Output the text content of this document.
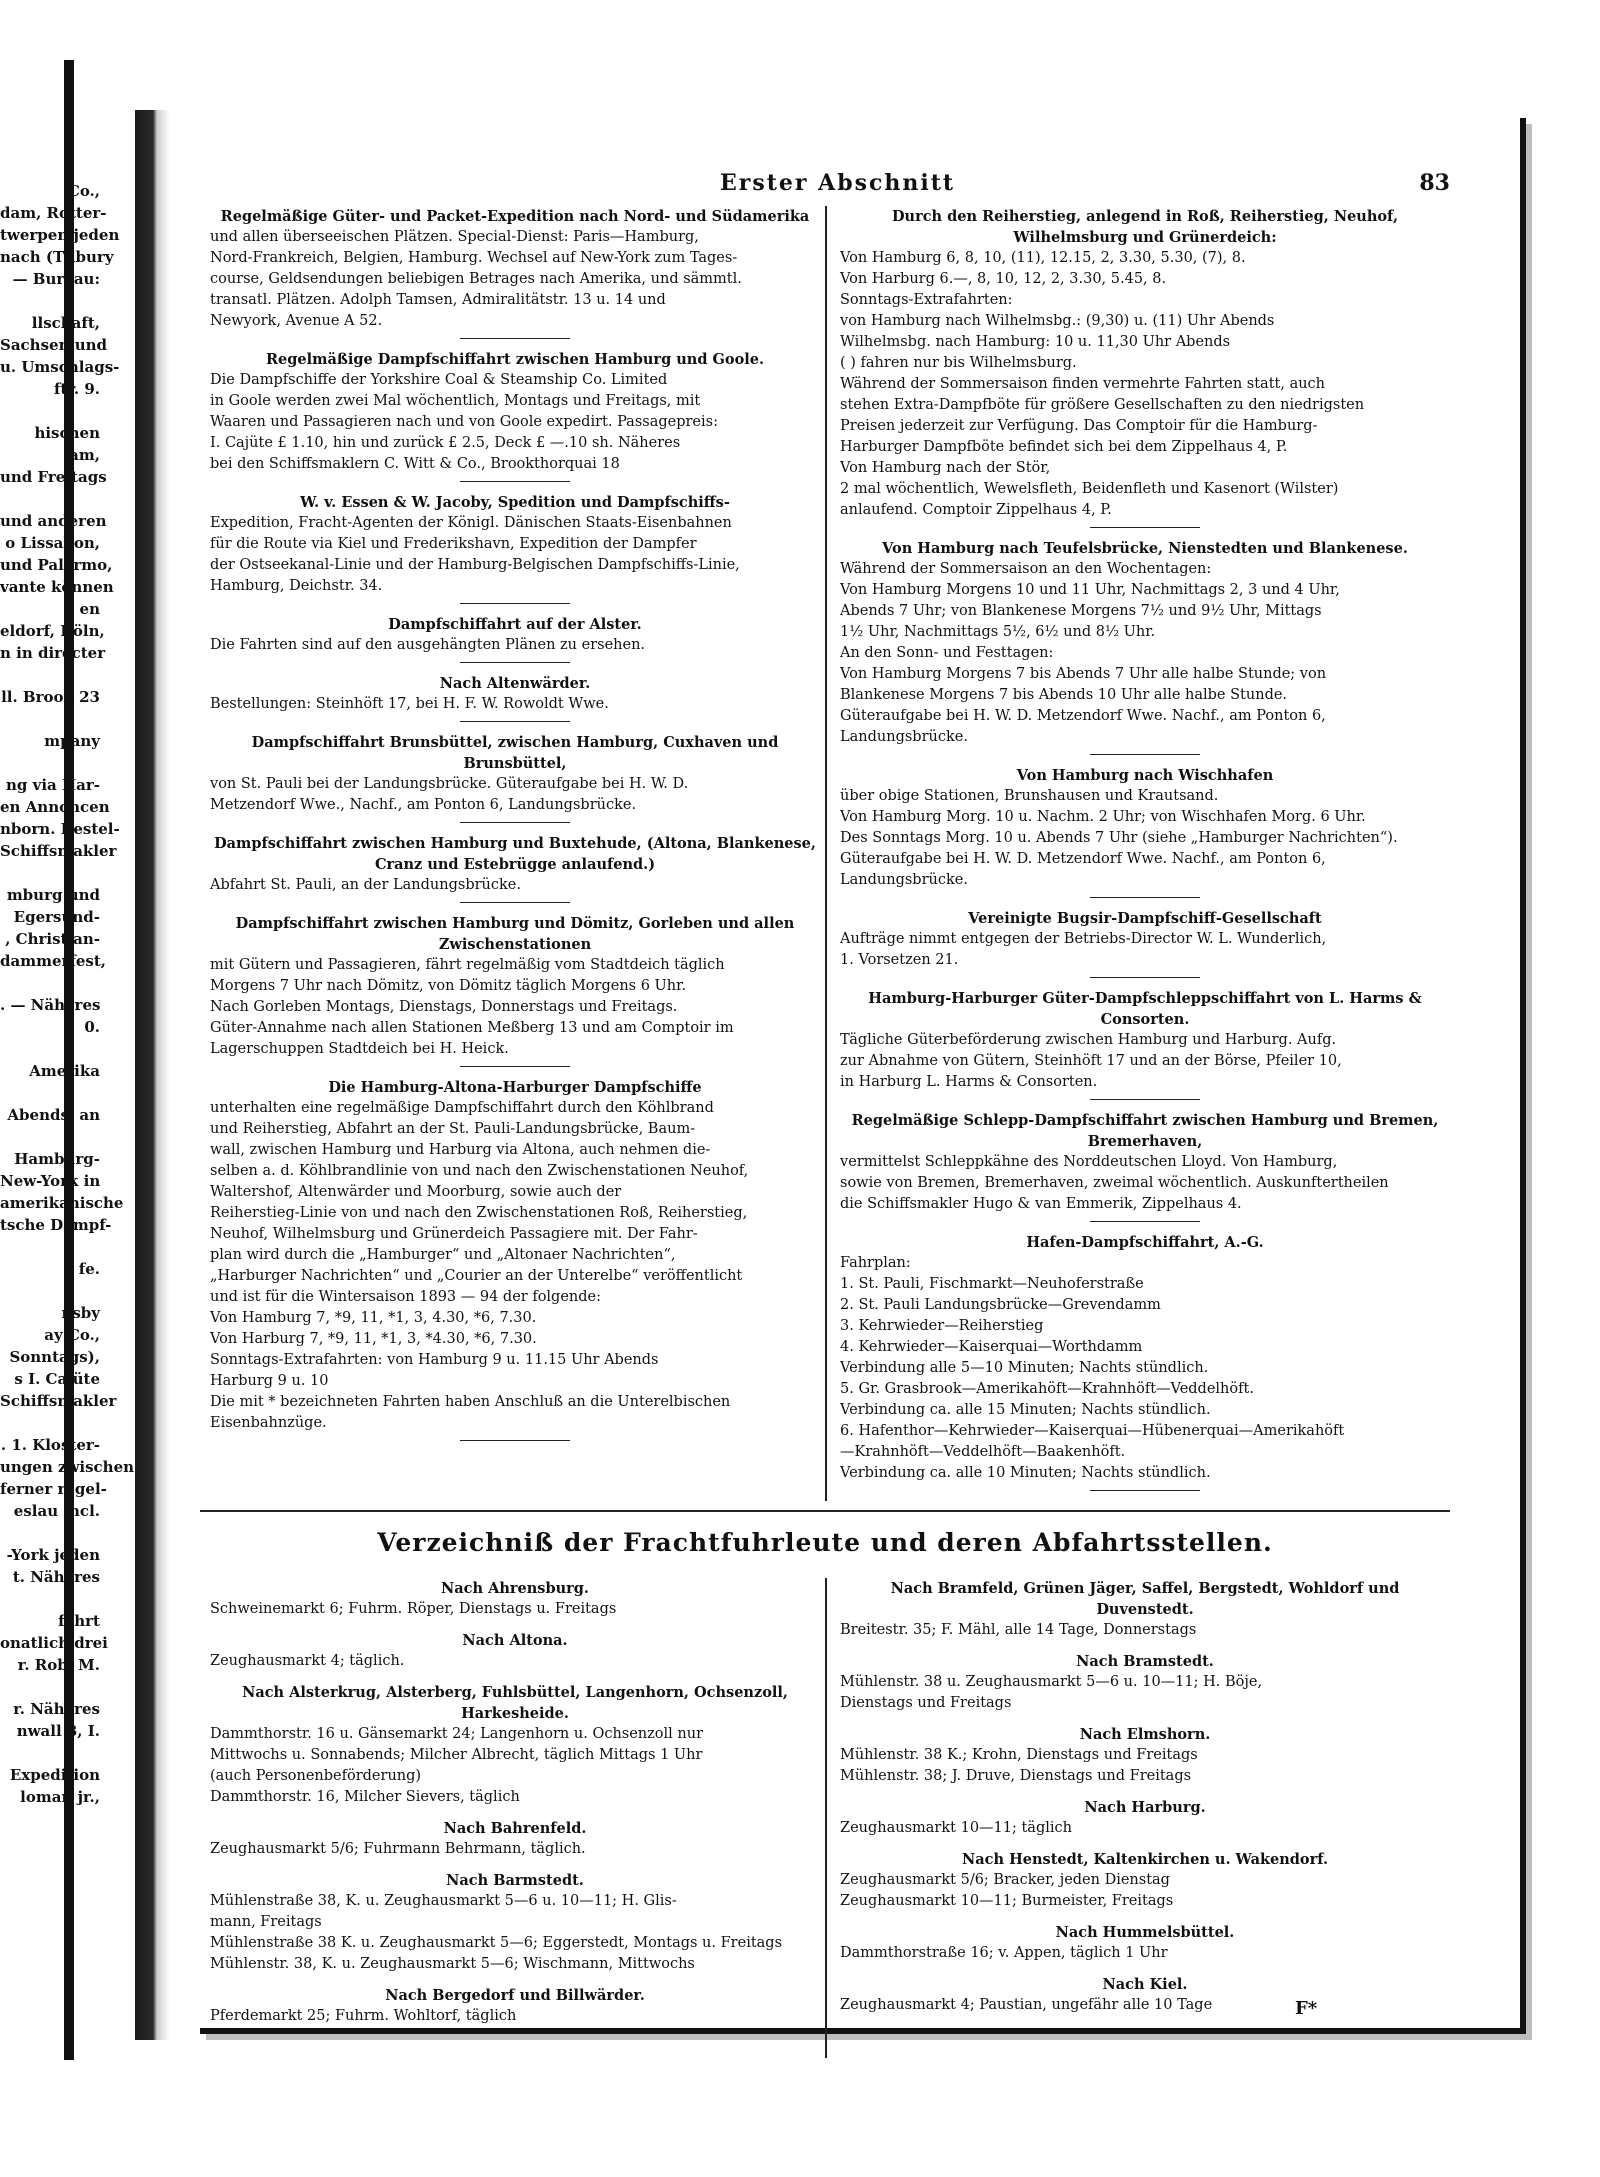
Co.,
dam, Rotter-
twerpen jeden
nach (Tilbury
— Bureau:

llschaft,
Sachsen und
u. Umschlags-
ftr. 9.

hischen
am,
und Freitags

und anderen
o Lissabon,
und Palermo,
vante können
en
eldorf, Köln,
n in directer

ll. Brook 23

mpany

ng via Har-
en Annoncen
nborn. Bestel-
Schiffsmakler

mburg und
Egersund-
, Christian-
dammerfest,

. — Näheres
0.

Amerika

Abends, an

Hamburg-
New-York in
amerikanische
tsche Dampf-

fe.

nsby
ay Co.,
Sonntags),
s I. Cajüte
Schiffsmakler

. 1. Kloster-
ungen zwischen
ferner regel-
eslau incl.

-York jeden
t. Näheres

fahrt
onatlich drei
r. Rob. M.

r. Näheres
nwall 3, I.

Expedition
loman jr.,
Erster Abschnitt	83
Regelmäßige Güter- und Packet-Expedition nach Nord- und Südamerika
und allen überseeischen Plätzen. Special-Dienst: Paris—Hamburg,
Nord-Frankreich, Belgien, Hamburg. Wechsel auf New-York zum Tages-
course, Geldsendungen beliebigen Betrages nach Amerika, und sämmtl.
transatl. Plätzen. Adolph Tamsen, Admiralitätstr. 13 u. 14 und
Newyork, Avenue A 52.
Regelmäßige Dampfschiffahrt zwischen Hamburg und Goole.
Die Dampfschiffe der Yorkshire Coal & Steamship Co. Limited
in Goole werden zwei Mal wöchentlich, Montags und Freitags, mit
Waaren und Passagieren nach und von Goole expedirt. Passagepreis:
I. Cajüte £ 1.10, hin und zurück £ 2.5, Deck £ —.10 sh. Näheres
bei den Schiffsmaklern C. Witt & Co., Brookthorquai 18
W. v. Essen & W. Jacoby, Spedition und Dampfschiffs-
Expedition, Fracht-Agenten der Königl. Dänischen Staats-Eisenbahnen
für die Route via Kiel und Frederikshavn, Expedition der Dampfer
der Ostseekanal-Linie und der Hamburg-Belgischen Dampfschiffs-Linie,
Hamburg, Deichstr. 34.
Dampfschiffahrt auf der Alster.
Die Fahrten sind auf den ausgehängten Plänen zu ersehen.
Nach Altenwärder.
Bestellungen: Steinhöft 17, bei H. F. W. Rowoldt Wwe.
Dampfschiffahrt Brunsbüttel, zwischen Hamburg, Cuxhaven und Brunsbüttel,
von St. Pauli bei der Landungsbrücke. Güteraufgabe bei H. W. D.
Metzendorf Wwe., Nachf., am Ponton 6, Landungsbrücke.
Dampfschiffahrt zwischen Hamburg und Buxtehude, (Altona, Blankenese, Cranz und Estebrügge anlaufend.)
Abfahrt St. Pauli, an der Landungsbrücke.
Dampfschiffahrt zwischen Hamburg und Dömitz, Gorleben und allen Zwischenstationen
mit Gütern und Passagieren, fährt regelmäßig vom Stadtdeich täglich
Morgens 7 Uhr nach Dömitz, von Dömitz täglich Morgens 6 Uhr.
Nach Gorleben Montags, Dienstags, Donnerstags und Freitags.
Güter-Annahme nach allen Stationen Meßberg 13 und am Comptoir im
Lagerschuppen Stadtdeich bei H. Heick.
Die Hamburg-Altona-Harburger Dampfschiffe
unterhalten eine regelmäßige Dampfschiffahrt durch den Köhlbrand
und Reiherstieg, Abfahrt an der St. Pauli-Landungsbrücke, Baum-
wall, zwischen Hamburg und Harburg via Altona, auch nehmen die-
selben a. d. Köhlbrandlinie von und nach den Zwischenstationen Neuhof,
Waltershof, Altenwärder und Moorburg, sowie auch der
Reiherstieg-Linie von und nach den Zwischenstationen Roß, Reiherstieg,
Neuhof, Wilhelmsburg und Grünerdeich Passagiere mit. Der Fahr-
plan wird durch die „Hamburger“ und „Altonaer Nachrichten“,
„Harburger Nachrichten“ und „Courier an der Unterelbe“ veröffentlicht
und ist für die Wintersaison 1893 — 94 der folgende:
Von Hamburg 7, *9, 11, *1, 3, 4.30, *6, 7.30.
Von Harburg 7, *9, 11, *1, 3, *4.30, *6, 7.30.
Sonntags-Extrafahrten: von Hamburg 9 u. 11.15 Uhr Abends
Harburg 9 u. 10
Die mit * bezeichneten Fahrten haben Anschluß an die Unterelbischen
Eisenbahnzüge.
Durch den Reiherstieg, anlegend in Roß, Reiherstieg, Neuhof, Wilhelmsburg und Grünerdeich:
Von Hamburg 6, 8, 10, (11), 12.15, 2, 3.30, 5.30, (7), 8.
Von Harburg 6.—, 8, 10, 12, 2, 3.30, 5.45, 8.
Sonntags-Extrafahrten:
von Hamburg nach Wilhelmsbg.: (9,30) u. (11) Uhr Abends
Wilhelmsbg. nach Hamburg: 10 u. 11,30 Uhr Abends
( ) fahren nur bis Wilhelmsburg.
Während der Sommersaison finden vermehrte Fahrten statt, auch
stehen Extra-Dampfböte für größere Gesellschaften zu den niedrigsten
Preisen jederzeit zur Verfügung. Das Comptoir für die Hamburg-
Harburger Dampfböte befindet sich bei dem Zippelhaus 4, P.
Von Hamburg nach der Stör,
2 mal wöchentlich, Wewelsfleth, Beidenfleth und Kasenort (Wilster)
anlaufend. Comptoir Zippelhaus 4, P.
Von Hamburg nach Teufelsbrücke, Nienstedten und Blankenese.
Während der Sommersaison an den Wochentagen:
Von Hamburg Morgens 10 und 11 Uhr, Nachmittags 2, 3 und 4 Uhr,
Abends 7 Uhr; von Blankenese Morgens 7½ und 9½ Uhr, Mittags
1½ Uhr, Nachmittags 5½, 6½ und 8½ Uhr.
An den Sonn- und Festtagen:
Von Hamburg Morgens 7 bis Abends 7 Uhr alle halbe Stunde; von
Blankenese Morgens 7 bis Abends 10 Uhr alle halbe Stunde.
Güteraufgabe bei H. W. D. Metzendorf Wwe. Nachf., am Ponton 6,
Landungsbrücke.
Von Hamburg nach Wischhafen
über obige Stationen, Brunshausen und Krautsand.
Von Hamburg Morg. 10 u. Nachm. 2 Uhr; von Wischhafen Morg. 6 Uhr.
Des Sonntags Morg. 10 u. Abends 7 Uhr (siehe „Hamburger Nachrichten“).
Güteraufgabe bei H. W. D. Metzendorf Wwe. Nachf., am Ponton 6,
Landungsbrücke.
Vereinigte Bugsir-Dampfschiff-Gesellschaft
Aufträge nimmt entgegen der Betriebs-Director W. L. Wunderlich,
1. Vorsetzen 21.
Hamburg-Harburger Güter-Dampfschleppschiffahrt von L. Harms & Consorten.
Tägliche Güterbeförderung zwischen Hamburg und Harburg. Aufg.
zur Abnahme von Gütern, Steinhöft 17 und an der Börse, Pfeiler 10,
in Harburg L. Harms & Consorten.
Regelmäßige Schlepp-Dampfschiffahrt zwischen Hamburg und Bremen, Bremerhaven,
vermittelst Schleppkähne des Norddeutschen Lloyd. Von Hamburg,
sowie von Bremen, Bremerhaven, zweimal wöchentlich. Auskunftertheilen
die Schiffsmakler Hugo & van Emmerik, Zippelhaus 4.
Hafen-Dampfschiffahrt, A.-G.
Fahrplan:
1. St. Pauli, Fischmarkt—Neuhoferstraße
2. St. Pauli Landungsbrücke—Grevendamm
3. Kehrwieder—Reiherstieg
4. Kehrwieder—Kaiserquai—Worthdamm
Verbindung alle 5—10 Minuten; Nachts stündlich.
5. Gr. Grasbrook—Amerikahöft—Krahnhöft—Veddelhöft.
Verbindung ca. alle 15 Minuten; Nachts stündlich.
6. Hafenthor—Kehrwieder—Kaiserquai—Hübenerquai—Amerikahöft
—Krahnhöft—Veddelhöft—Baakenhöft.
Verbindung ca. alle 10 Minuten; Nachts stündlich.
Verzeichniß der Frachtfuhrleute und deren Abfahrtsstellen.
Nach Ahrensburg.
Schweinemarkt 6; Fuhrm. Röper, Dienstags u. Freitags
Nach Altona.
Zeughausmarkt 4; täglich.
Nach Alsterkrug, Alsterberg, Fuhlsbüttel, Langenhorn, Ochsenzoll, Harkesheide.
Dammthorstr. 16 u. Gänsemarkt 24; Langenhorn u. Ochsenzoll nur
Mittwochs u. Sonnabends; Milcher Albrecht, täglich Mittags 1 Uhr
(auch Personenbeförderung)
Dammthorstr. 16, Milcher Sievers, täglich
Nach Bahrenfeld.
Zeughausmarkt 5/6; Fuhrmann Behrmann, täglich.
Nach Barmstedt.
Mühlenstraße 38, K. u. Zeughausmarkt 5—6 u. 10—11; H. Glis-
mann, Freitags
Mühlenstraße 38 K. u. Zeughausmarkt 5—6; Eggerstedt, Montags u. Freitags
Mühlenstr. 38, K. u. Zeughausmarkt 5—6; Wischmann, Mittwochs
Nach Bergedorf und Billwärder.
Pferdemarkt 25; Fuhrm. Wohltorf, täglich
Nach Bramfeld, Grünen Jäger, Saffel, Bergstedt, Wohldorf und Duvenstedt.
Breitestr. 35; F. Mähl, alle 14 Tage, Donnerstags
Nach Bramstedt.
Mühlenstr. 38 u. Zeughausmarkt 5—6 u. 10—11; H. Böje,
Dienstags und Freitags
Nach Elmshorn.
Mühlenstr. 38 K.; Krohn, Dienstags und Freitags
Mühlenstr. 38; J. Druve, Dienstags und Freitags
Nach Harburg.
Zeughausmarkt 10—11; täglich
Nach Henstedt, Kaltenkirchen u. Wakendorf.
Zeughausmarkt 5/6; Bracker, jeden Dienstag
Zeughausmarkt 10—11; Burmeister, Freitags
Nach Hummelsbüttel.
Dammthorstraße 16; v. Appen, täglich 1 Uhr
Nach Kiel.
Zeughausmarkt 4; Paustian, ungefähr alle 10 Tage	F*
